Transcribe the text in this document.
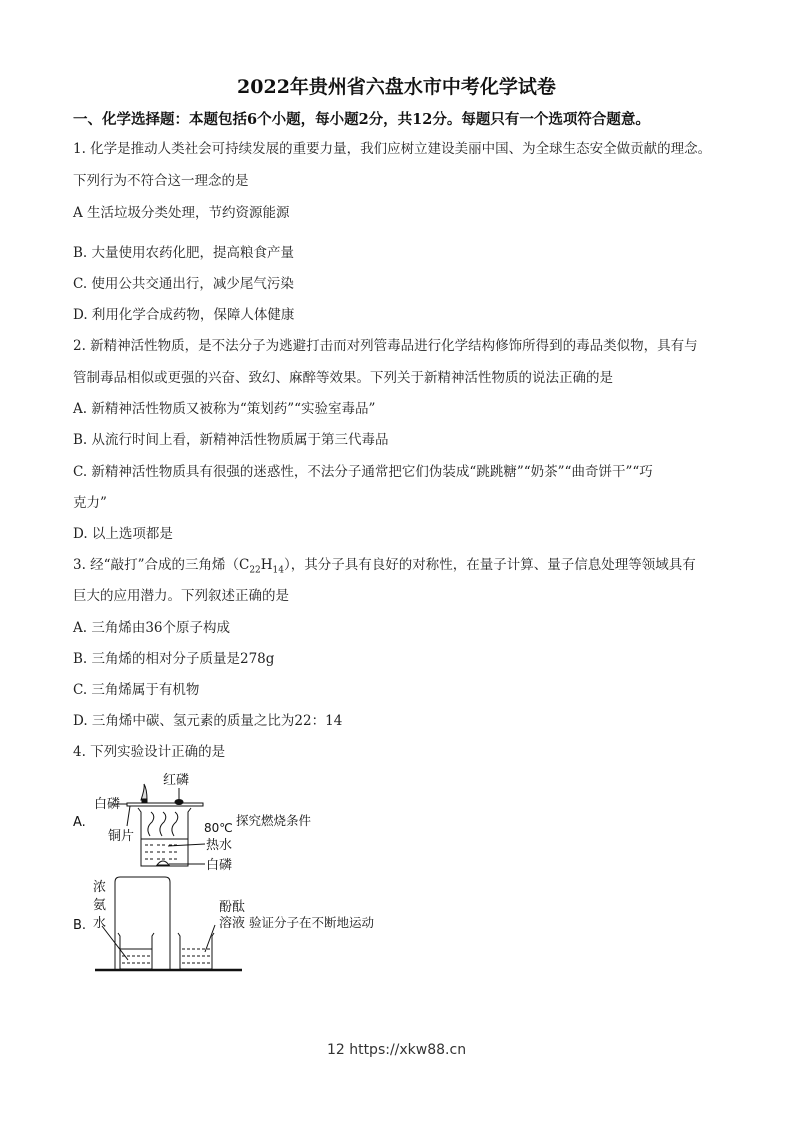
2022年贵州省六盘水市中考化学试卷
一、化学选择题：本题包括6个小题，每小题2分，共12分。每题只有一个选项符合题意。
1. 化学是推动人类社会可持续发展的重要力量，我们应树立建设美丽中国、为全球生态安全做贡献的理念。
下列行为不符合这一理念的是
A 生活垃圾分类处理，节约资源能源
B. 大量使用农药化肥，提高粮食产量
C. 使用公共交通出行，减少尾气污染
D. 利用化学合成药物，保障人体健康
2. 新精神活性物质，是不法分子为逃避打击而对列管毒品进行化学结构修饰所得到的毒品类似物，具有与
管制毒品相似或更强的兴奋、致幻、麻醉等效果。下列关于新精神活性物质的说法正确的是
A. 新精神活性物质又被称为“策划药”“实验室毒品”
B. 从流行时间上看，新精神活性物质属于第三代毒品
C. 新精神活性物质具有很强的迷惑性，不法分子通常把它们伪装成“跳跳糖”“奶茶”“曲奇饼干”“巧
克力”
D. 以上选项都是
3. 经“敲打”合成的三角烯$(C_{22}H_{14})$，其分子具有良好的对称性，在量子计算、量子信息处理等领域具有
巨大的应用潜力。下列叙述正确的是
A. 三角烯由36个原子构成
B. 三角烯的相对分子质量是278g
C. 三角烯属于有机物
D. 三角烯中碳、氢元素的质量之比为22：14
4. 下列实验设计正确的是
红磷
白磷
A.
铜片
80℃ 探究燃烧条件
热水
白磷
浓
氨
水
B.
酚酞
溶液 验证分子在不断地运动
12 https://xkw88.cn
